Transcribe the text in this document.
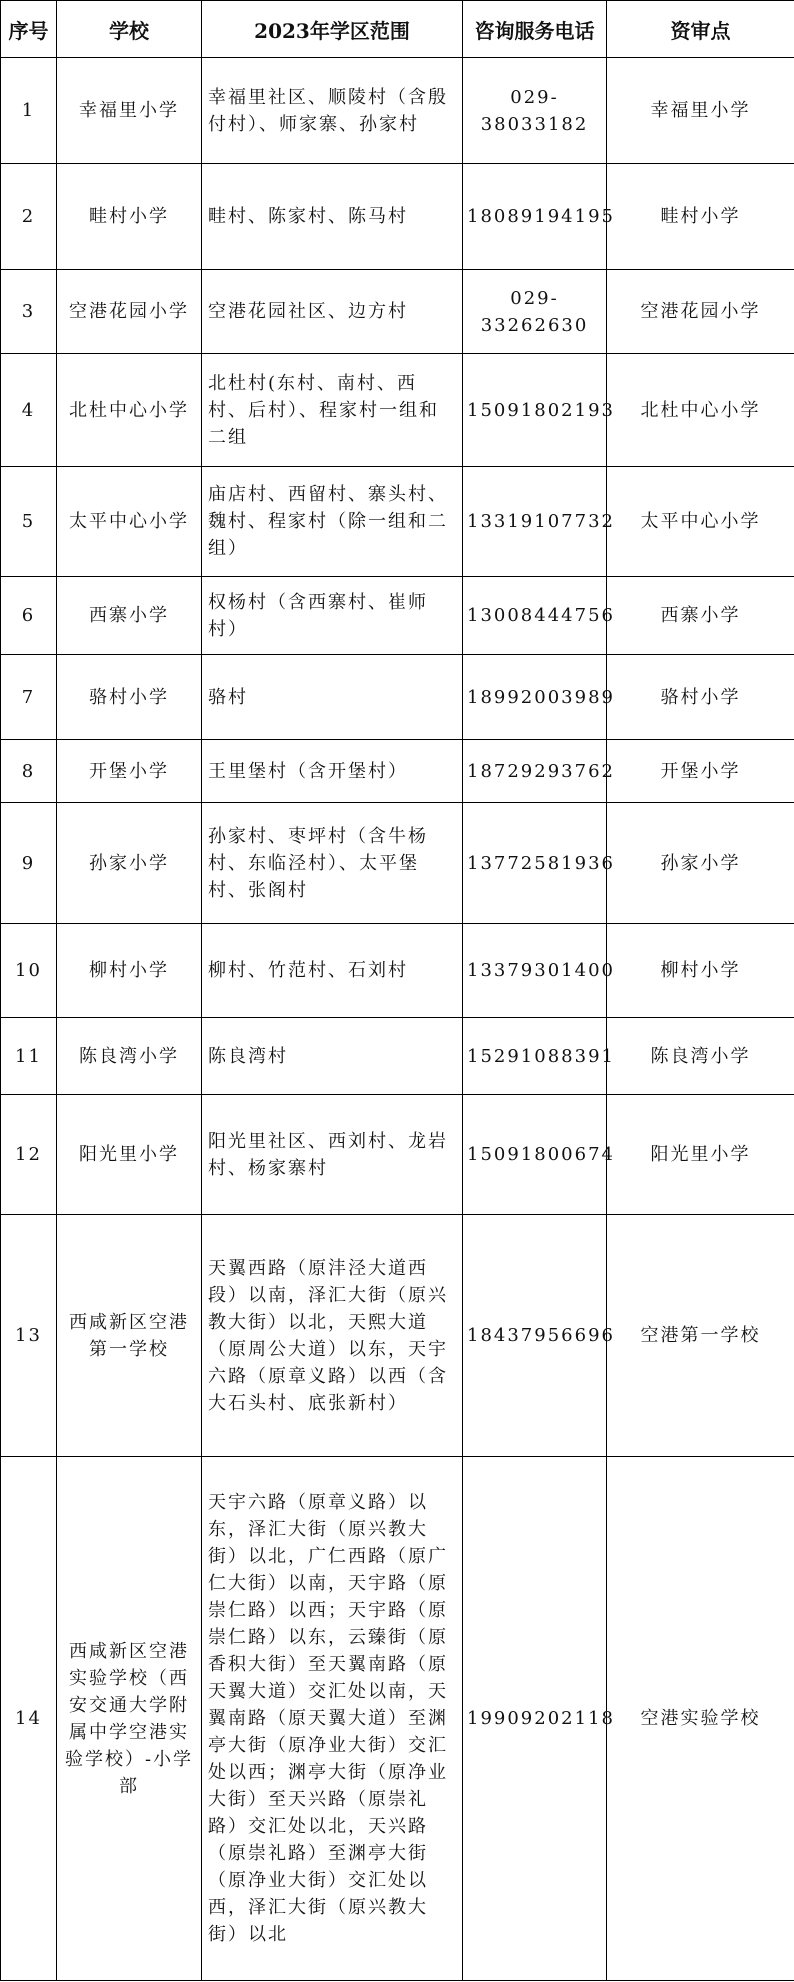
序号	学校	2023年学区范围	咨询服务电话	资审点
1	幸福里小学	幸福里社区、顺陵村（含殷付村）、师家寨、孙家村	029-38033182	幸福里小学
2	畦村小学	畦村、陈家村、陈马村	18089194195	畦村小学
3	空港花园小学	空港花园社区、边方村	029-33262630	空港花园小学
4	北杜中心小学	北杜村(东村、南村、西村、后村）、程家村一组和二组	15091802193	北杜中心小学
5	太平中心小学	庙店村、西留村、寨头村、魏村、程家村（除一组和二组）	13319107732	太平中心小学
6	西寨小学	权杨村（含西寨村、崔师村）	13008444756	西寨小学
7	骆村小学	骆村	18992003989	骆村小学
8	开堡小学	王里堡村（含开堡村）	18729293762	开堡小学
9	孙家小学	孙家村、枣坪村（含牛杨村、东临泾村）、太平堡村、张阁村	13772581936	孙家小学
10	柳村小学	柳村、竹范村、石刘村	13379301400	柳村小学
11	陈良湾小学	陈良湾村	15291088391	陈良湾小学
12	阳光里小学	阳光里社区、西刘村、龙岩村、杨家寨村	15091800674	阳光里小学
13	西咸新区空港第一学校	天翼西路（原沣泾大道西段）以南，泽汇大街（原兴教大街）以北，天熙大道（原周公大道）以东，天宇六路（原章义路）以西（含大石头村、底张新村）	18437956696	空港第一学校
14	西咸新区空港实验学校（西安交通大学附属中学空港实验学校）-小学部	天宇六路（原章义路）以东，泽汇大街（原兴教大街）以北，广仁西路（原广仁大街）以南，天宇路（原崇仁路）以西；天宇路（原崇仁路）以东，云臻街（原香积大街）至天翼南路（原天翼大道）交汇处以南，天翼南路（原天翼大道）至渊亭大街（原净业大街）交汇处以西；渊亭大街（原净业大街）至天兴路（原崇礼路）交汇处以北，天兴路（原崇礼路）至渊亭大街（原净业大街）交汇处以西，泽汇大街（原兴教大街）以北	19909202118	空港实验学校
